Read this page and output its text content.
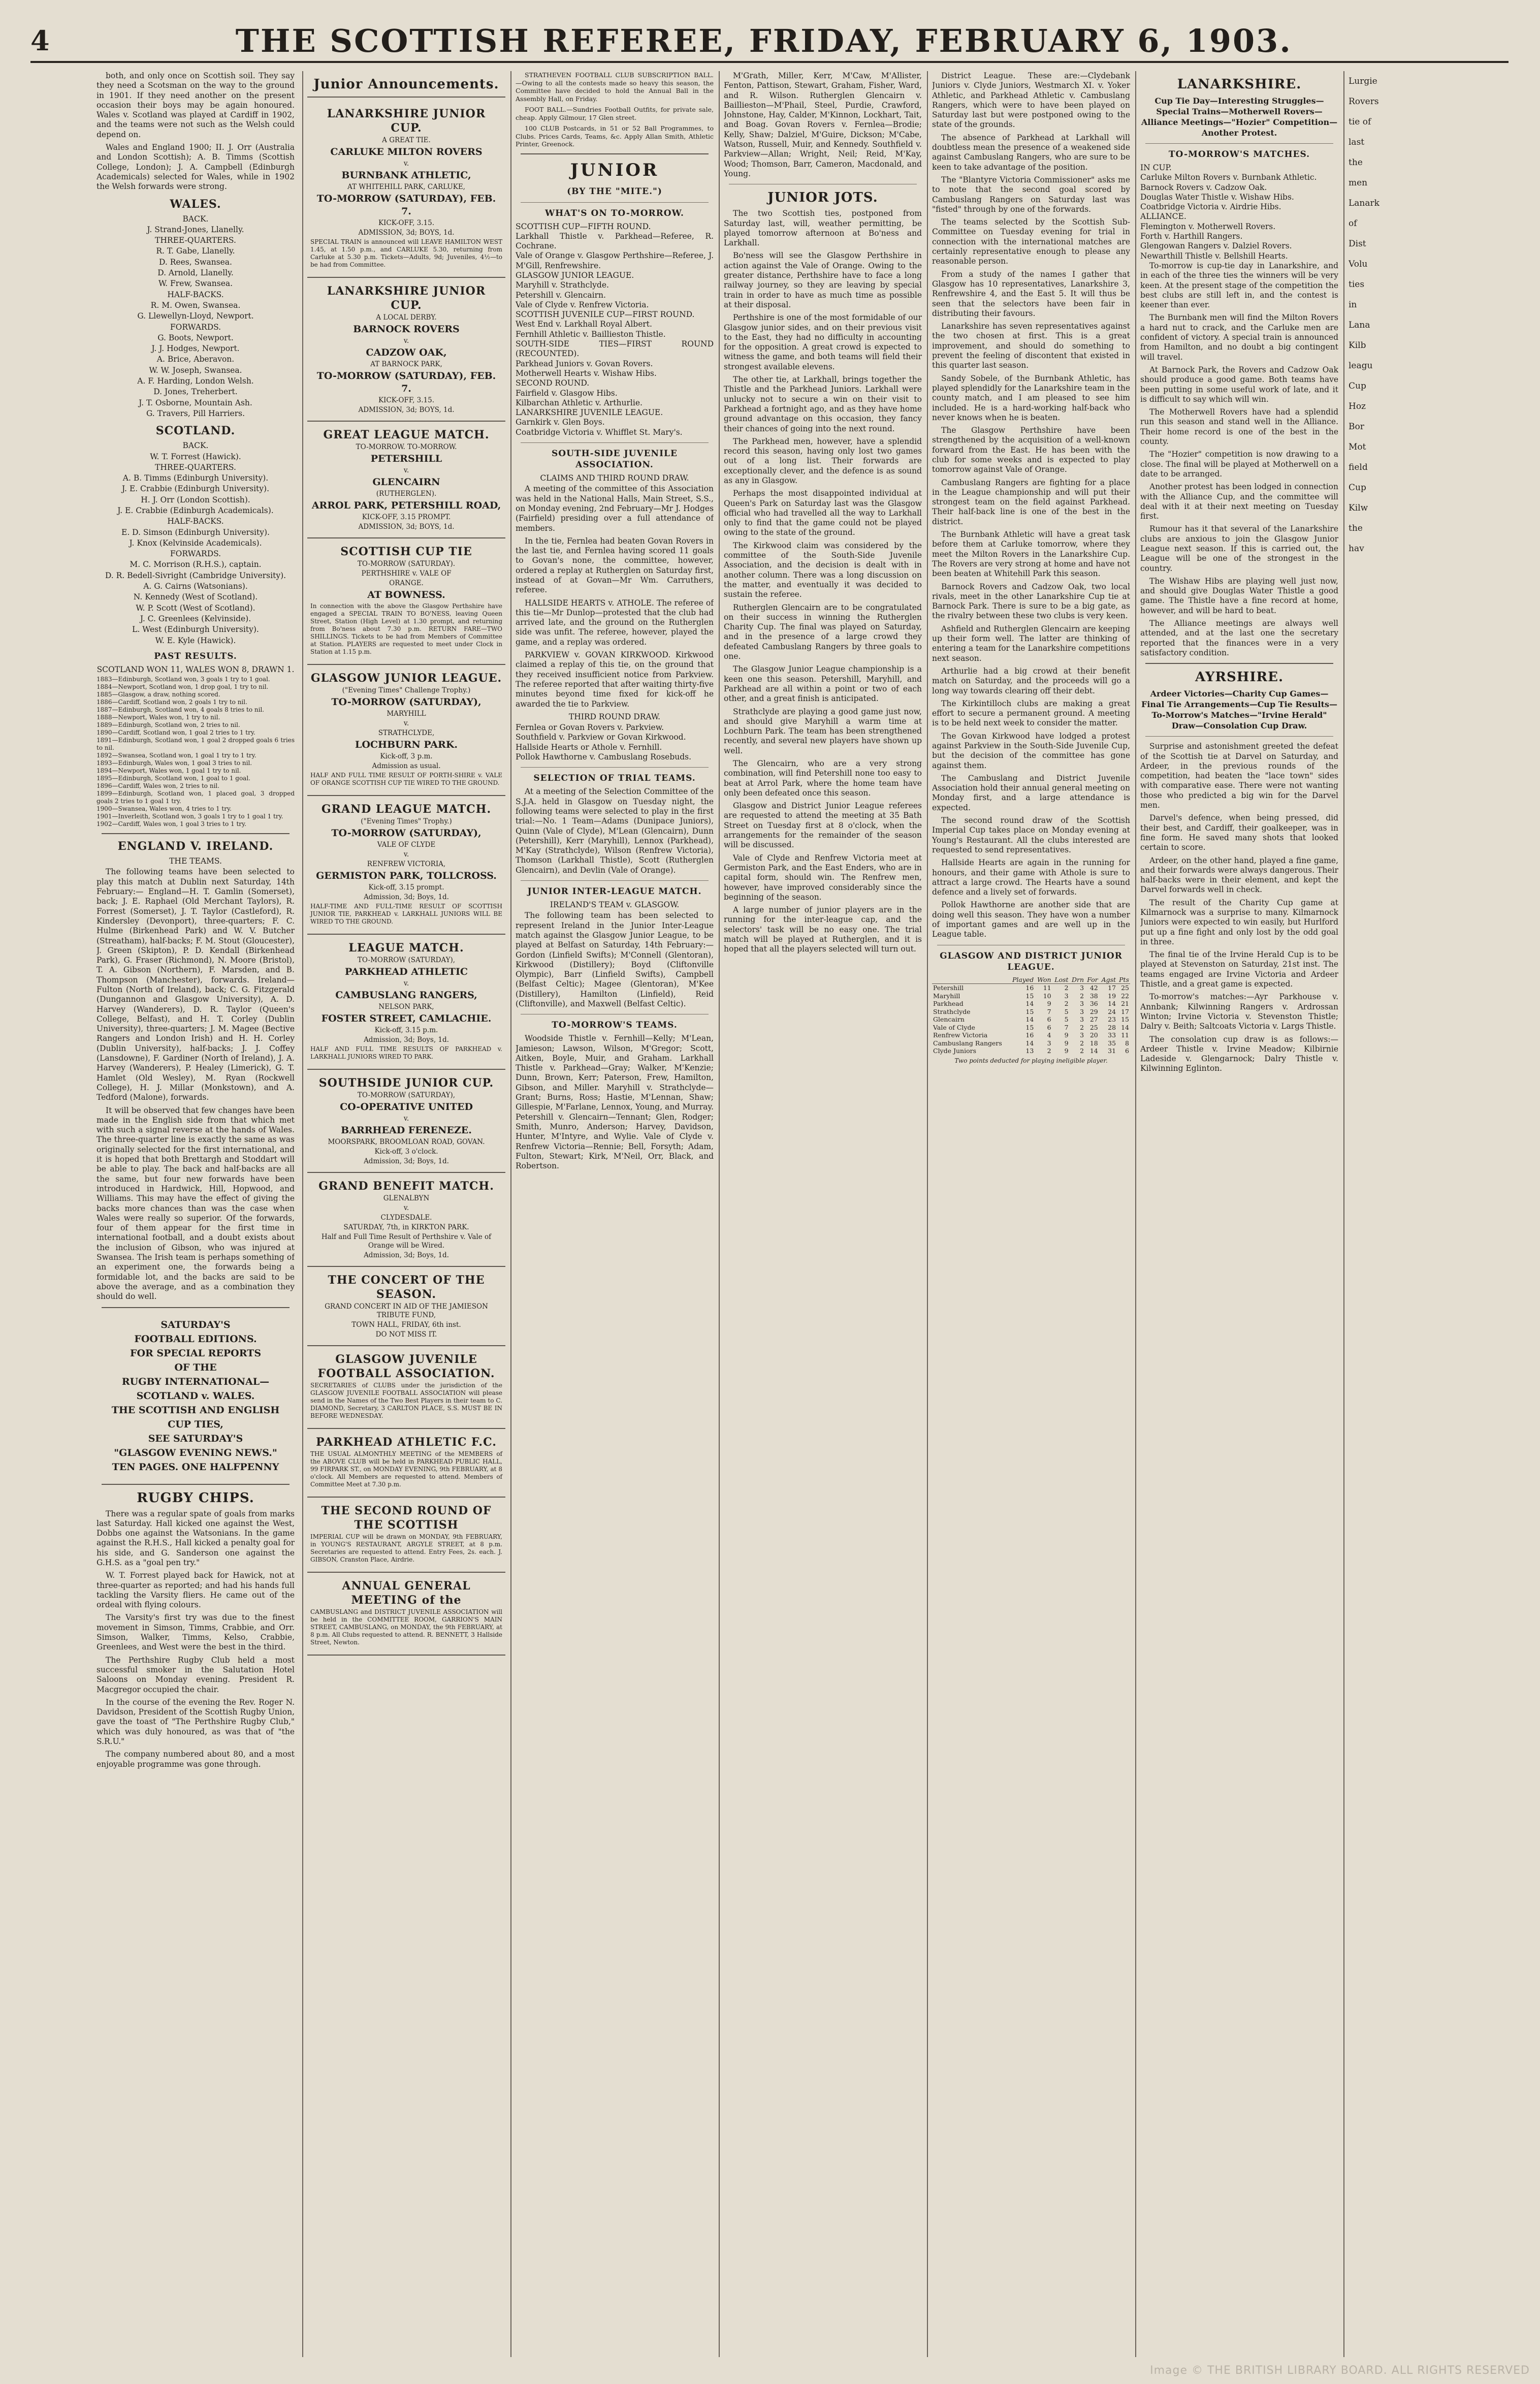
4	THE SCOTTISH REFEREE, FRIDAY, FEBRUARY 6, 1903.

both, and only once on Scottish soil. They say they need a Scotsman on the way to the ground in 1901. If they need another on the present occasion their boys may be again honoured. Wales v. Scotland was played at Cardiff in 1902, and the teams were not such as the Welsh could depend on.

Wales and England 1900; II. J. Orr (Australia and London Scottish); A. B. Timms (Scottish College, London); J. A. Campbell (Edinburgh Academicals) selected for Wales, while in 1902 the Welsh forwards were strong.

WALES.
BACK.
J. Strand-Jones, Llanelly.
THREE-QUARTERS.
R. T. Gabe, Llanelly.
D. Rees, Swansea.
D. Arnold, Llanelly.
W. Frew, Swansea.
HALF-BACKS.
R. M. Owen, Swansea.
G. Llewellyn-Lloyd, Newport.
FORWARDS.
G. Boots, Newport.
J. J. Hodges, Newport.
A. Brice, Aberavon.
W. W. Joseph, Swansea.
A. F. Harding, London Welsh.
D. Jones, Treherbert.
J. T. Osborne, Mountain Ash.
G. Travers, Pill Harriers.
SCOTLAND.
BACK.
W. T. Forrest (Hawick).
THREE-QUARTERS.
A. B. Timms (Edinburgh University).
J. E. Crabbie (Edinburgh University).
H. J. Orr (London Scottish).
J. E. Crabbie (Edinburgh Academicals).
HALF-BACKS.
E. D. Simson (Edinburgh University).
J. Knox (Kelvinside Academicals).
FORWARDS.
M. C. Morrison (R.H.S.), captain.
D. R. Bedell-Sivright (Cambridge University).
A. G. Cairns (Watsonians).
N. Kennedy (West of Scotland).
W. P. Scott (West of Scotland).
J. C. Greenlees (Kelvinside).
L. West (Edinburgh University).
W. E. Kyle (Hawick).
PAST RESULTS.
SCOTLAND WON 11, WALES WON 8, DRAWN 1.
1883—Edinburgh, Scotland won, 3 goals 1 try to 1 goal.
1884—Newport, Scotland won, 1 drop goal, 1 try to nil.
1885—Glasgow, a draw, nothing scored.
1886—Cardiff, Scotland won, 2 goals 1 try to nil.
1887—Edinburgh, Scotland won, 4 goals 8 tries to nil.
1888—Newport, Wales won, 1 try to nil.
1889—Edinburgh, Scotland won, 2 tries to nil.
1890—Cardiff, Scotland won, 1 goal 2 tries to 1 try.
1891—Edinburgh, Scotland won, 1 goal 2 dropped goals 6 tries to nil.
1892—Swansea, Scotland won, 1 goal 1 try to 1 try.
1893—Edinburgh, Wales won, 1 goal 3 tries to nil.
1894—Newport, Wales won, 1 goal 1 try to nil.
1895—Edinburgh, Scotland won, 1 goal to 1 goal.
1896—Cardiff, Wales won, 2 tries to nil.
1899—Edinburgh, Scotland won, 1 placed goal, 3 dropped goals 2 tries to 1 goal 1 try.
1900—Swansea, Wales won, 4 tries to 1 try.
1901—Inverleith, Scotland won, 3 goals 1 try to 1 goal 1 try.
1902—Cardiff, Wales won, 1 goal 3 tries to 1 try.
ENGLAND V. IRELAND.
THE TEAMS.

The following teams have been selected to play this match at Dublin next Saturday, 14th February:— England—H. T. Gamlin (Somerset), back; J. E. Raphael (Old Merchant Taylors), R. Forrest (Somerset), J. T. Taylor (Castleford), R. Kindersley (Devonport), three-quarters; F. C. Hulme (Birkenhead Park) and W. V. Butcher (Streatham), half-backs; F. M. Stout (Gloucester), J. Green (Skipton), P. D. Kendall (Birkenhead Park), G. Fraser (Richmond), N. Moore (Bristol), T. A. Gibson (Northern), F. Marsden, and B. Thompson (Manchester), forwards. Ireland—Fulton (North of Ireland), back; C. G. Fitzgerald (Dungannon and Glasgow University), A. D. Harvey (Wanderers), D. R. Taylor (Queen's College, Belfast), and H. T. Corley (Dublin University), three-quarters; J. M. Magee (Bective Rangers and London Irish) and H. H. Corley (Dublin University), half-backs; J. J. Coffey (Lansdowne), F. Gardiner (North of Ireland), J. A. Harvey (Wanderers), P. Healey (Limerick), G. T. Hamlet (Old Wesley), M. Ryan (Rockwell College), H. J. Millar (Monkstown), and A. Tedford (Malone), forwards.

It will be observed that few changes have been made in the English side from that which met with such a signal reverse at the hands of Wales. The three-quarter line is exactly the same as was originally selected for the first international, and it is hoped that both Brettargh and Stoddart will be able to play. The back and half-backs are all the same, but four new forwards have been introduced in Hardwick, Hill, Hopwood, and Williams. This may have the effect of giving the backs more chances than was the case when Wales were really so superior. Of the forwards, four of them appear for the first time in international football, and a doubt exists about the inclusion of Gibson, who was injured at Swansea. The Irish team is perhaps something of an experiment one, the forwards being a formidable lot, and the backs are said to be above the average, and as a combination they should do well.

SATURDAY'S
FOOTBALL EDITIONS.
FOR SPECIAL REPORTS
OF THE
RUGBY INTERNATIONAL—
SCOTLAND v. WALES.
THE SCOTTISH AND ENGLISH
CUP TIES,
SEE SATURDAY'S
"GLASGOW EVENING NEWS."
TEN PAGES. ONE HALFPENNY
RUGBY CHIPS.

There was a regular spate of goals from marks last Saturday. Hall kicked one against the West, Dobbs one against the Watsonians. In the game against the R.H.S., Hall kicked a penalty goal for his side, and G. Sanderson one against the G.H.S. as a "goal pen try."

W. T. Forrest played back for Hawick, not at three-quarter as reported; and had his hands full tackling the Varsity fliers. He came out of the ordeal with flying colours.

The Varsity's first try was due to the finest movement in Simson, Timms, Crabbie, and Orr. Simson, Walker, Timms, Kelso, Crabbie, Greenlees, and West were the best in the third.

The Perthshire Rugby Club held a most successful smoker in the Salutation Hotel Saloons on Monday evening. President R. Macgregor occupied the chair.

In the course of the evening the Rev. Roger N. Davidson, President of the Scottish Rugby Union, gave the toast of "The Perthshire Rugby Club," which was duly honoured, as was that of "the S.R.U."

The company numbered about 80, and a most enjoyable programme was gone through.

Junior Announcements.
LANARKSHIRE JUNIOR CUP.
A GREAT TIE.
CARLUKE MILTON ROVERS
v.
BURNBANK ATHLETIC,
AT WHITEHILL PARK, CARLUKE,
TO-MORROW (SATURDAY), FEB. 7.
KICK-OFF, 3.15.
ADMISSION, 3d; BOYS, 1d.

SPECIAL TRAIN is announced will LEAVE HAMILTON WEST 1.45, at 1.50 p.m., and CARLUKE 5.30, returning from Carluke at 5.30 p.m. Tickets—Adults, 9d; Juveniles, 4½—to be had from Committee.

LANARKSHIRE JUNIOR CUP.
A LOCAL DERBY.
BARNOCK ROVERS
v.
CADZOW OAK,
AT BARNOCK PARK,
TO-MORROW (SATURDAY), FEB. 7.
KICK-OFF, 3.15.
ADMISSION, 3d; BOYS, 1d.
GREAT LEAGUE MATCH.
TO-MORROW. TO-MORROW.
PETERSHILL
v.
GLENCAIRN
(RUTHERGLEN).
ARROL PARK, PETERSHILL ROAD,
KICK-OFF, 3.15 PROMPT.
ADMISSION, 3d; BOYS, 1d.
SCOTTISH CUP TIE
TO-MORROW (SATURDAY).
PERTHSHIRE v. VALE OF
ORANGE.
AT BOWNESS.

In connection with the above the Glasgow Perthshire have engaged a SPECIAL TRAIN TO BO'NESS, leaving Queen Street, Station (High Level) at 1.30 prompt, and returning from Bo'ness about 7.30 p.m. RETURN FARE—TWO SHILLINGS. Tickets to be had from Members of Committee at Station. PLAYERS are requested to meet under Clock in Station at 1.15 p.m.

GLASGOW JUNIOR LEAGUE.
("Evening Times" Challenge Trophy.)
TO-MORROW (SATURDAY),
MARYHILL
v.
STRATHCLYDE,
LOCHBURN PARK.
Kick-off, 3 p.m.
Admission as usual.

HALF AND FULL TIME RESULT OF PORTH-SHIRE v. VALE OF ORANGE SCOTTISH CUP TIE WIRED TO THE GROUND.

GRAND LEAGUE MATCH.
("Evening Times" Trophy.)
TO-MORROW (SATURDAY),
VALE OF CLYDE
v.
RENFREW VICTORIA,
GERMISTON PARK, TOLLCROSS.
Kick-off, 3.15 prompt.
Admission, 3d; Boys, 1d.

HALF-TIME AND FULL-TIME RESULT OF SCOTTISH JUNIOR TIE, PARKHEAD v. LARKHALL JUNIORS WILL BE WIRED TO THE GROUND.

LEAGUE MATCH.
TO-MORROW (SATURDAY),
PARKHEAD ATHLETIC
v.
CAMBUSLANG RANGERS,
NELSON PARK,
FOSTER STREET, CAMLACHIE.
Kick-off, 3.15 p.m.
Admission, 3d; Boys, 1d.

HALF AND FULL TIME RESULTS OF PARKHEAD v. LARKHALL JUNIORS WIRED TO PARK.

SOUTHSIDE JUNIOR CUP.
TO-MORROW (SATURDAY),
CO-OPERATIVE UNITED
v.
BARRHEAD FERENEZE.
MOORSPARK, BROOMLOAN ROAD, GOVAN.
Kick-off, 3 o'clock.
Admission, 3d; Boys, 1d.
GRAND BENEFIT MATCH.
GLENALBYN
v.
CLYDESDALE.
SATURDAY, 7th, in KIRKTON PARK.
Half and Full Time Result of Perthshire v. Vale of Orange will be Wired.
Admission, 3d; Boys, 1d.
THE CONCERT OF THE SEASON.
GRAND CONCERT IN AID OF THE JAMIESON TRIBUTE FUND,
TOWN HALL, FRIDAY, 6th inst.
DO NOT MISS IT.
GLASGOW JUVENILE FOOTBALL ASSOCIATION.

SECRETARIES of CLUBS under the jurisdiction of the GLASGOW JUVENILE FOOTBALL ASSOCIATION will please send in the Names of the Two Best Players in their team to C. DIAMOND, Secretary, 3 CARLTON PLACE, S.S. MUST BE IN BEFORE WEDNESDAY.

PARKHEAD ATHLETIC F.C.

THE USUAL ALMONTHLY MEETING of the MEMBERS of the ABOVE CLUB will be held in PARKHEAD PUBLIC HALL, 99 FIRPARK ST., on MONDAY EVENING, 9th FEBRUARY, at 8 o'clock. All Members are requested to attend. Members of Committee Meet at 7.30 p.m.

THE SECOND ROUND OF THE SCOTTISH

IMPERIAL CUP will be drawn on MONDAY, 9th FEBRUARY, in YOUNG'S RESTAURANT, ARGYLE STREET, at 8 p.m. Secretaries are requested to attend. Entry Fees, 2s. each. J. GIBSON, Cranston Place, Airdrie.

ANNUAL GENERAL MEETING of the

CAMBUSLANG and DISTRICT JUVENILE ASSOCIATION will be held in the COMMITTEE ROOM, GARRION'S MAIN STREET, CAMBUSLANG, on MONDAY, the 9th FEBRUARY, at 8 p.m. All Clubs requested to attend. R. BENNETT, 3 Hallside Street, Newton.

STRATHEVEN FOOTBALL CLUB SUBSCRIPTION BALL.—Owing to all the contests made so heavy this season, the Committee have decided to hold the Annual Ball in the Assembly Hall, on Friday.

FOOT BALL.—Sundries Football Outfits, for private sale, cheap. Apply Gilmour, 17 Glen street.

100 CLUB Postcards, in 51 or 52 Ball Programmes, to Clubs. Prices Cards, Teams, &c. Apply Allan Smith, Athletic Printer, Greenock.

JUNIOR
(BY THE "MITE.")
WHAT'S ON TO-MORROW.
SCOTTISH CUP—FIFTH ROUND.
Larkhall Thistle v. Parkhead—Referee, R. Cochrane.
Vale of Orange v. Glasgow Perthshire—Referee, J. M'Gill, Renfrewshire.
GLASGOW JUNIOR LEAGUE.
Maryhill v. Strathclyde.
Petershill v. Glencairn.
Vale of Clyde v. Renfrew Victoria.
SCOTTISH JUVENILE CUP—FIRST ROUND.
West End v. Larkhall Royal Albert.
Fernhill Athletic v. Baillieston Thistle.
SOUTH-SIDE TIES—FIRST ROUND (RECOUNTED).
Parkhead Juniors v. Govan Rovers.
Motherwell Hearts v. Wishaw Hibs.
SECOND ROUND.
Fairfield v. Glasgow Hibs.
Kilbarchan Athletic v. Arthurlie.
LANARKSHIRE JUVENILE LEAGUE.
Garnkirk v. Glen Boys.
Coatbridge Victoria v. Whifflet St. Mary's.
SOUTH-SIDE JUVENILE ASSOCIATION.
CLAIMS AND THIRD ROUND DRAW.

A meeting of the committee of this Association was held in the National Halls, Main Street, S.S., on Monday evening, 2nd February—Mr J. Hodges (Fairfield) presiding over a full attendance of members.

In the tie, Fernlea had beaten Govan Rovers in the last tie, and Fernlea having scored 11 goals to Govan's none, the committee, however, ordered a replay at Rutherglen on Saturday first, instead of at Govan—Mr Wm. Carruthers, referee.

HALLSIDE HEARTS v. ATHOLE. The referee of this tie—Mr Dunlop—protested that the club had arrived late, and the ground on the Rutherglen side was unfit. The referee, however, played the game, and a replay was ordered.

PARKVIEW v. GOVAN KIRKWOOD. Kirkwood claimed a replay of this tie, on the ground that they received insufficient notice from Parkview. The referee reported that after waiting thirty-five minutes beyond time fixed for kick-off he awarded the tie to Parkview.

THIRD ROUND DRAW.
Fernlea or Govan Rovers v. Parkview.
Southfield v. Parkview or Govan Kirkwood.
Hallside Hearts or Athole v. Fernhill.
Pollok Hawthorne v. Cambuslang Rosebuds.
SELECTION OF TRIAL TEAMS.

At a meeting of the Selection Committee of the S.J.A. held in Glasgow on Tuesday night, the following teams were selected to play in the first trial:—No. 1 Team—Adams (Dunipace Juniors), Quinn (Vale of Clyde), M'Lean (Glencairn), Dunn (Petershill), Kerr (Maryhill), Lennox (Parkhead), M'Kay (Strathclyde), Wilson (Renfrew Victoria), Thomson (Larkhall Thistle), Scott (Rutherglen Glencairn), and Devlin (Vale of Orange).

JUNIOR INTER-LEAGUE MATCH.
IRELAND'S TEAM v. GLASGOW.

The following team has been selected to represent Ireland in the Junior Inter-League match against the Glasgow Junior League, to be played at Belfast on Saturday, 14th February:—Gordon (Linfield Swifts); M'Connell (Glentoran), Kirkwood (Distillery); Boyd (Cliftonville Olympic), Barr (Linfield Swifts), Campbell (Belfast Celtic); Magee (Glentoran), M'Kee (Distillery), Hamilton (Linfield), Reid (Cliftonville), and Maxwell (Belfast Celtic).

TO-MORROW'S TEAMS.

Woodside Thistle v. Fernhill—Kelly; M'Lean, Jamieson; Lawson, Wilson, M'Gregor; Scott, Aitken, Boyle, Muir, and Graham. Larkhall Thistle v. Parkhead—Gray; Walker, M'Kenzie; Dunn, Brown, Kerr; Paterson, Frew, Hamilton, Gibson, and Miller. Maryhill v. Strathclyde—Grant; Burns, Ross; Hastie, M'Lennan, Shaw; Gillespie, M'Farlane, Lennox, Young, and Murray. Petershill v. Glencairn—Tennant; Glen, Rodger; Smith, Munro, Anderson; Harvey, Davidson, Hunter, M'Intyre, and Wylie. Vale of Clyde v. Renfrew Victoria—Rennie; Bell, Forsyth; Adam, Fulton, Stewart; Kirk, M'Neil, Orr, Black, and Robertson.

M'Grath, Miller, Kerr, M'Caw, M'Allister, Fenton, Pattison, Stewart, Graham, Fisher, Ward, and R. Wilson. Rutherglen Glencairn v. Baillieston—M'Phail, Steel, Purdie, Crawford, Johnstone, Hay, Calder, M'Kinnon, Lockhart, Tait, and Boag. Govan Rovers v. Fernlea—Brodie; Kelly, Shaw; Dalziel, M'Guire, Dickson; M'Cabe, Watson, Russell, Muir, and Kennedy. Southfield v. Parkview—Allan; Wright, Neil; Reid, M'Kay, Wood; Thomson, Barr, Cameron, Macdonald, and Young.

JUNIOR JOTS.

The two Scottish ties, postponed from Saturday last, will, weather permitting, be played tomorrow afternoon at Bo'ness and Larkhall.

Bo'ness will see the Glasgow Perthshire in action against the Vale of Orange. Owing to the greater distance, Perthshire have to face a long railway journey, so they are leaving by special train in order to have as much time as possible at their disposal.

Perthshire is one of the most formidable of our Glasgow junior sides, and on their previous visit to the East, they had no difficulty in accounting for the opposition. A great crowd is expected to witness the game, and both teams will field their strongest available elevens.

The other tie, at Larkhall, brings together the Thistle and the Parkhead Juniors. Larkhall were unlucky not to secure a win on their visit to Parkhead a fortnight ago, and as they have home ground advantage on this occasion, they fancy their chances of going into the next round.

The Parkhead men, however, have a splendid record this season, having only lost two games out of a long list. Their forwards are exceptionally clever, and the defence is as sound as any in Glasgow.

Perhaps the most disappointed individual at Queen's Park on Saturday last was the Glasgow official who had travelled all the way to Larkhall only to find that the game could not be played owing to the state of the ground.

The Kirkwood claim was considered by the committee of the South-Side Juvenile Association, and the decision is dealt with in another column. There was a long discussion on the matter, and eventually it was decided to sustain the referee.

Rutherglen Glencairn are to be congratulated on their success in winning the Rutherglen Charity Cup. The final was played on Saturday, and in the presence of a large crowd they defeated Cambuslang Rangers by three goals to one.

The Glasgow Junior League championship is a keen one this season. Petershill, Maryhill, and Parkhead are all within a point or two of each other, and a great finish is anticipated.

Strathclyde are playing a good game just now, and should give Maryhill a warm time at Lochburn Park. The team has been strengthened recently, and several new players have shown up well.

The Glencairn, who are a very strong combination, will find Petershill none too easy to beat at Arrol Park, where the home team have only been defeated once this season.

Glasgow and District Junior League referees are requested to attend the meeting at 35 Bath Street on Tuesday first at 8 o'clock, when the arrangements for the remainder of the season will be discussed.

Vale of Clyde and Renfrew Victoria meet at Germiston Park, and the East Enders, who are in capital form, should win. The Renfrew men, however, have improved considerably since the beginning of the season.

A large number of junior players are in the running for the inter-league cap, and the selectors' task will be no easy one. The trial match will be played at Rutherglen, and it is hoped that all the players selected will turn out.

District League. These are:—Clydebank Juniors v. Clyde Juniors, Westmarch XI. v. Yoker Athletic, and Parkhead Athletic v. Cambuslang Rangers, which were to have been played on Saturday last but were postponed owing to the state of the grounds.

The absence of Parkhead at Larkhall will doubtless mean the presence of a weakened side against Cambuslang Rangers, who are sure to be keen to take advantage of the position.

The "Blantyre Victoria Commissioner" asks me to note that the second goal scored by Cambuslang Rangers on Saturday last was "fisted" through by one of the forwards.

The teams selected by the Scottish Sub-Committee on Tuesday evening for trial in connection with the international matches are certainly representative enough to please any reasonable person.

From a study of the names I gather that Glasgow has 10 representatives, Lanarkshire 3, Renfrewshire 4, and the East 5. It will thus be seen that the selectors have been fair in distributing their favours.

Lanarkshire has seven representatives against the two chosen at first. This is a great improvement, and should do something to prevent the feeling of discontent that existed in this quarter last season.

Sandy Sobele, of the Burnbank Athletic, has played splendidly for the Lanarkshire team in the county match, and I am pleased to see him included. He is a hard-working half-back who never knows when he is beaten.

The Glasgow Perthshire have been strengthened by the acquisition of a well-known forward from the East. He has been with the club for some weeks and is expected to play tomorrow against Vale of Orange.

Cambuslang Rangers are fighting for a place in the League championship and will put their strongest team on the field against Parkhead. Their half-back line is one of the best in the district.

The Burnbank Athletic will have a great task before them at Carluke tomorrow, where they meet the Milton Rovers in the Lanarkshire Cup. The Rovers are very strong at home and have not been beaten at Whitehill Park this season.

Barnock Rovers and Cadzow Oak, two local rivals, meet in the other Lanarkshire Cup tie at Barnock Park. There is sure to be a big gate, as the rivalry between these two clubs is very keen.

Ashfield and Rutherglen Glencairn are keeping up their form well. The latter are thinking of entering a team for the Lanarkshire competitions next season.

Arthurlie had a big crowd at their benefit match on Saturday, and the proceeds will go a long way towards clearing off their debt.

The Kirkintilloch clubs are making a great effort to secure a permanent ground. A meeting is to be held next week to consider the matter.

The Govan Kirkwood have lodged a protest against Parkview in the South-Side Juvenile Cup, but the decision of the committee has gone against them.

The Cambuslang and District Juvenile Association hold their annual general meeting on Monday first, and a large attendance is expected.

The second round draw of the Scottish Imperial Cup takes place on Monday evening at Young's Restaurant. All the clubs interested are requested to send representatives.

Hallside Hearts are again in the running for honours, and their game with Athole is sure to attract a large crowd. The Hearts have a sound defence and a lively set of forwards.

Pollok Hawthorne are another side that are doing well this season. They have won a number of important games and are well up in the League table.

GLASGOW AND DISTRICT JUNIOR LEAGUE.
	Played	Won	Lost	Drn	For	Agst	Pts
Petershill	16	11	2	3	42	17	25
Maryhill	15	10	3	2	38	19	22
Parkhead	14	9	2	3	36	14	21
Strathclyde	15	7	5	3	29	24	17
Glencairn	14	6	5	3	27	23	15
Vale of Clyde	15	6	7	2	25	28	14
Renfrew Victoria	16	4	9	3	20	33	11
Cambuslang Rangers	14	3	9	2	18	35	8
Clyde Juniors	13	2	9	2	14	31	6
Two points deducted for playing ineligible player.
LANARKSHIRE.
Cup Tie Day—Interesting Struggles—Special Trains—Motherwell Rovers—Alliance Meetings—"Hozier" Competition—Another Protest.
TO-MORROW'S MATCHES.
IN CUP.
Carluke Milton Rovers v. Burnbank Athletic.
Barnock Rovers v. Cadzow Oak.
Douglas Water Thistle v. Wishaw Hibs.
Coatbridge Victoria v. Airdrie Hibs.
ALLIANCE.
Flemington v. Motherwell Rovers.
Forth v. Harthill Rangers.
Glengowan Rangers v. Dalziel Rovers.
Newarthill Thistle v. Bellshill Hearts.

To-morrow is cup-tie day in Lanarkshire, and in each of the three ties the winners will be very keen. At the present stage of the competition the best clubs are still left in, and the contest is keener than ever.

The Burnbank men will find the Milton Rovers a hard nut to crack, and the Carluke men are confident of victory. A special train is announced from Hamilton, and no doubt a big contingent will travel.

At Barnock Park, the Rovers and Cadzow Oak should produce a good game. Both teams have been putting in some useful work of late, and it is difficult to say which will win.

The Motherwell Rovers have had a splendid run this season and stand well in the Alliance. Their home record is one of the best in the county.

The "Hozier" competition is now drawing to a close. The final will be played at Motherwell on a date to be arranged.

Another protest has been lodged in connection with the Alliance Cup, and the committee will deal with it at their next meeting on Tuesday first.

Rumour has it that several of the Lanarkshire clubs are anxious to join the Glasgow Junior League next season. If this is carried out, the League will be one of the strongest in the country.

The Wishaw Hibs are playing well just now, and should give Douglas Water Thistle a good game. The Thistle have a fine record at home, however, and will be hard to beat.

The Alliance meetings are always well attended, and at the last one the secretary reported that the finances were in a very satisfactory condition.

AYRSHIRE.
Ardeer Victories—Charity Cup Games—Final Tie Arrangements—Cup Tie Results—To-Morrow's Matches—"Irvine Herald" Draw—Consolation Cup Draw.

Surprise and astonishment greeted the defeat of the Scottish tie at Darvel on Saturday, and Ardeer, in the previous rounds of the competition, had beaten the "lace town" sides with comparative ease. There were not wanting those who predicted a big win for the Darvel men.

Darvel's defence, when being pressed, did their best, and Cardiff, their goalkeeper, was in fine form. He saved many shots that looked certain to score.

Ardeer, on the other hand, played a fine game, and their forwards were always dangerous. Their half-backs were in their element, and kept the Darvel forwards well in check.

The result of the Charity Cup game at Kilmarnock was a surprise to many. Kilmarnock Juniors were expected to win easily, but Hurlford put up a fine fight and only lost by the odd goal in three.

The final tie of the Irvine Herald Cup is to be played at Stevenston on Saturday, 21st inst. The teams engaged are Irvine Victoria and Ardeer Thistle, and a great game is expected.

To-morrow's matches:—Ayr Parkhouse v. Annbank; Kilwinning Rangers v. Ardrossan Winton; Irvine Victoria v. Stevenston Thistle; Dalry v. Beith; Saltcoats Victoria v. Largs Thistle.

The consolation cup draw is as follows:—Ardeer Thistle v. Irvine Meadow; Kilbirnie Ladeside v. Glengarnock; Dalry Thistle v. Kilwinning Eglinton.

Lurgie
Rovers
tie of
last
the
men
Lanark
of
Dist
Volu
ties
in
Lana
Kilb
leagu
Cup
Hoz
Bor
Mot
field
Cup
Kilw
the
hav
Image © THE BRITISH LIBRARY BOARD. ALL RIGHTS RESERVED
